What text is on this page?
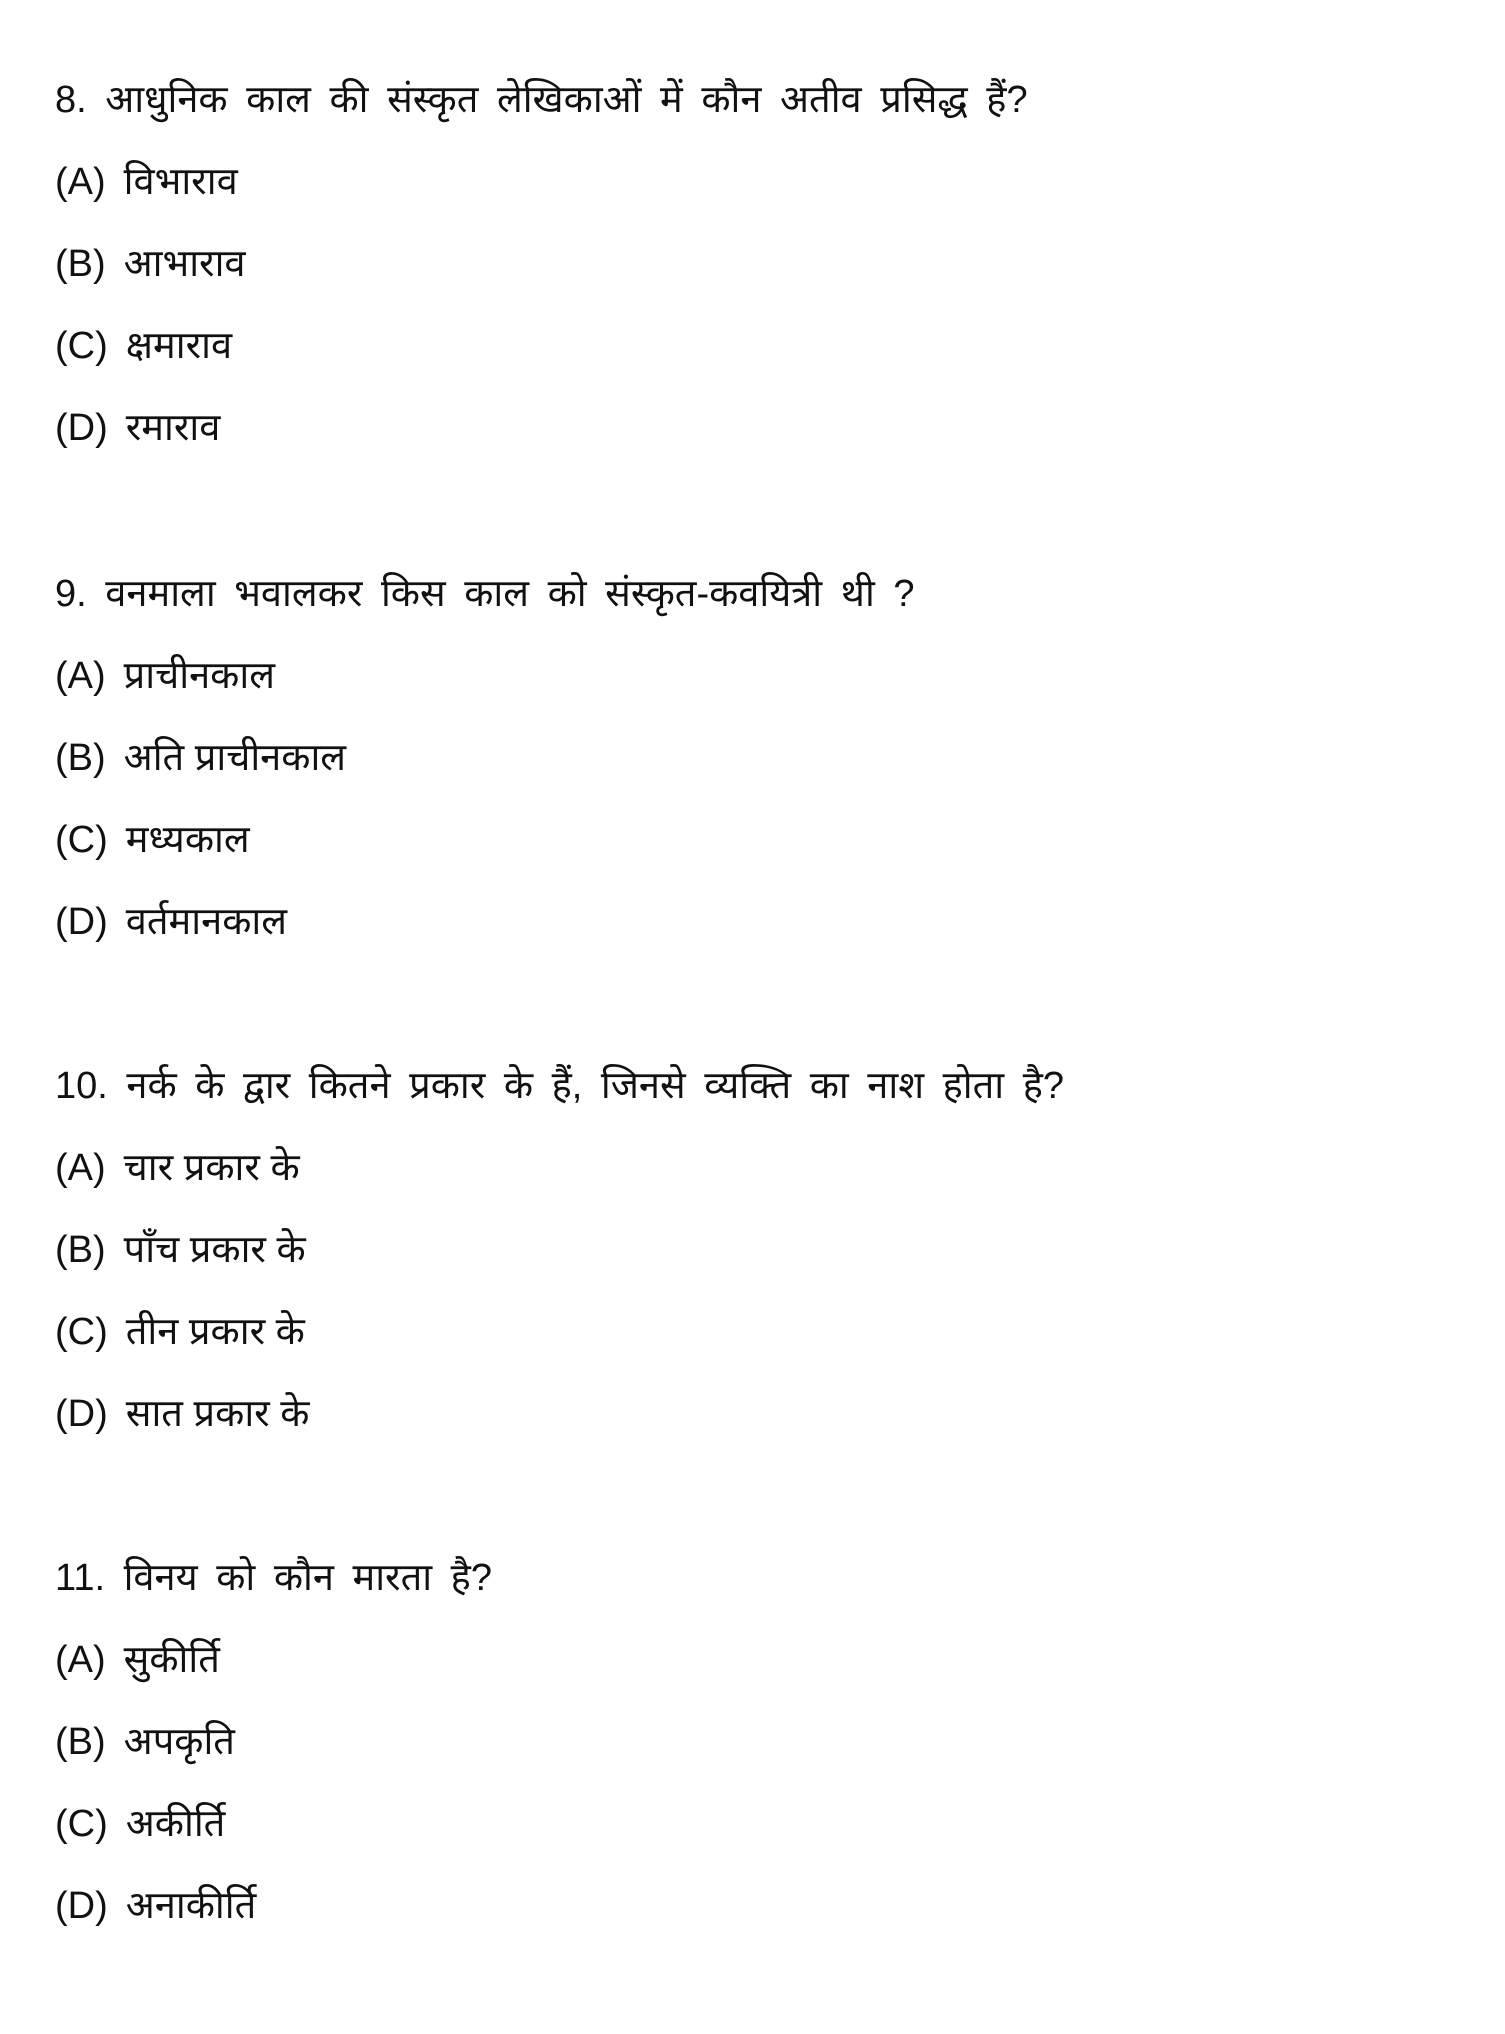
8. आधुनिक काल की संस्कृत लेखिकाओं में कौन अतीव प्रसिद्ध हैं?
(A) विभाराव
(B) आभाराव
(C) क्षमाराव
(D) रमाराव
9. वनमाला भवालकर किस काल को संस्कृत-कवयित्री थी ?
(A) प्राचीनकाल
(B) अति प्राचीनकाल
(C) मध्यकाल
(D) वर्तमानकाल
10. नर्क के द्वार कितने प्रकार के हैं, जिनसे व्यक्ति का नाश होता है?
(A) चार प्रकार के
(B) पाँच प्रकार के
(C) तीन प्रकार के
(D) सात प्रकार के
11. विनय को कौन मारता है?
(A) सुकीर्ति
(B) अपकृति
(C) अकीर्ति
(D) अनाकीर्ति
